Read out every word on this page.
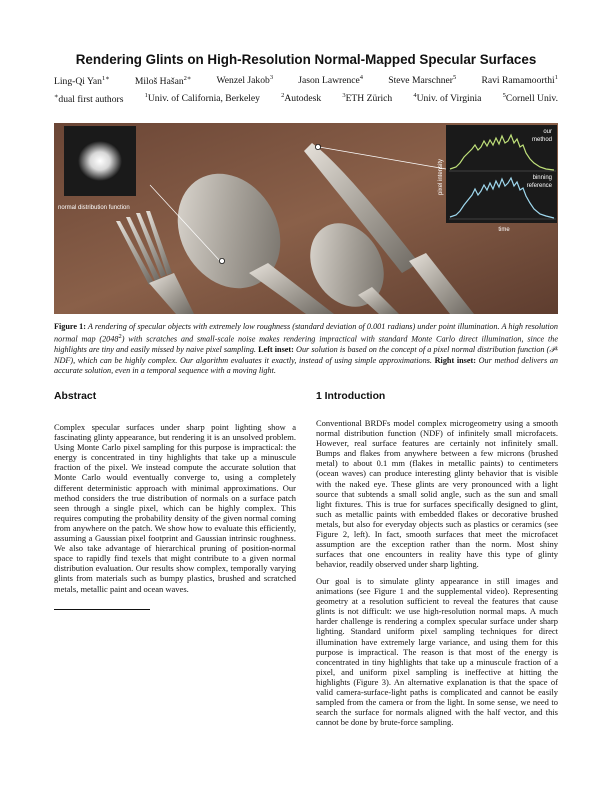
Rendering Glints on High-Resolution Normal-Mapped Specular Surfaces
Ling-Qi Yan$^{1∗}$	Miloš Hašan$^{2∗}$	Wenzel Jakob$^3$	Jason Lawrence$^4$	Steve Marschner$^5$	Ravi Ramamoorthi$^1$
∗dual first authors	$^1$Univ. of California, Berkeley	$^2$Autodesk	$^3$ETH Zürich	$^4$Univ. of Virginia	$^5$Cornell Univ.
normal distribution function
pixel intensity
our
method
binning
reference
time
Figure 1: A rendering of specular objects with extremely low roughness (standard deviation of 0.001 radians) under point illumination. A high resolution normal map (2048$^2$) with scratches and small-scale noise makes rendering impractical with standard Monte Carlo direct illumination, since the highlights are tiny and easily missed by naive pixel sampling. Left inset: Our solution is based on the concept of a pixel normal distribution function (𝒫-NDF), which can be highly complex. Our algorithm evaluates it exactly, instead of using simple approximations. Right inset: Our method delivers an accurate solution, even in a temporal sequence with a moving light.
Abstract
Complex specular surfaces under sharp point lighting show a fascinating glinty appearance, but rendering it is an unsolved problem. Using Monte Carlo pixel sampling for this purpose is impractical: the energy is concentrated in tiny highlights that take up a minuscule fraction of the pixel. We instead compute the accurate solution that Monte Carlo would eventually converge to, using a completely different deterministic approach with minimal approximations. Our method considers the true distribution of normals on a surface patch seen through a single pixel, which can be highly complex. This requires computing the probability density of the given normal coming from anywhere on the patch. We show how to evaluate this efficiently, assuming a Gaussian pixel footprint and Gaussian intrinsic roughness. We also take advantage of hierarchical pruning of position-normal space to rapidly find texels that might contribute to a given normal distribution evaluation. Our results show complex, temporally varying glints from materials such as bumpy plastics, brushed and scratched metals, metallic paint and ocean waves.
1 Introduction
Conventional BRDFs model complex microgeometry using a smooth normal distribution function (NDF) of infinitely small microfacets. However, real surface features are certainly not infinitely small. Bumps and flakes from anywhere between a few microns (brushed metal) to about 0.1 mm (flakes in metallic paints) to centimeters (ocean waves) can produce interesting glinty behavior that is visible with the naked eye. These glints are very pronounced with a light source that subtends a small solid angle, such as the sun and small light fixtures. This is true for surfaces specifically designed to glint, such as metallic paints with embedded flakes or decorative brushed metals, but also for everyday objects such as plastics or ceramics (see Figure 2, left). In fact, smooth surfaces that meet the microfacet assumption are the exception rather than the norm. Most shiny surfaces that one encounters in reality have this type of glinty behavior, readily observed under sharp lighting.
Our goal is to simulate glinty appearance in still images and animations (see Figure 1 and the supplemental video). Representing geometry at a resolution sufficient to reveal the features that cause glints is not difficult: we use high-resolution normal maps. A much harder challenge is rendering a complex specular surface under sharp lighting. Standard uniform pixel sampling techniques for direct illumination have extremely large variance, and using them for this purpose is impractical. The reason is that most of the energy is concentrated in tiny highlights that take up a minuscule fraction of a pixel, and uniform pixel sampling is ineffective at hitting the highlights (Figure 3). An alternative explanation is that the space of valid camera-surface-light paths is complicated and cannot be easily sampled from the camera or from the light. In some sense, we need to search the surface for normals aligned with the half vector, and this cannot be done by brute-force sampling.
